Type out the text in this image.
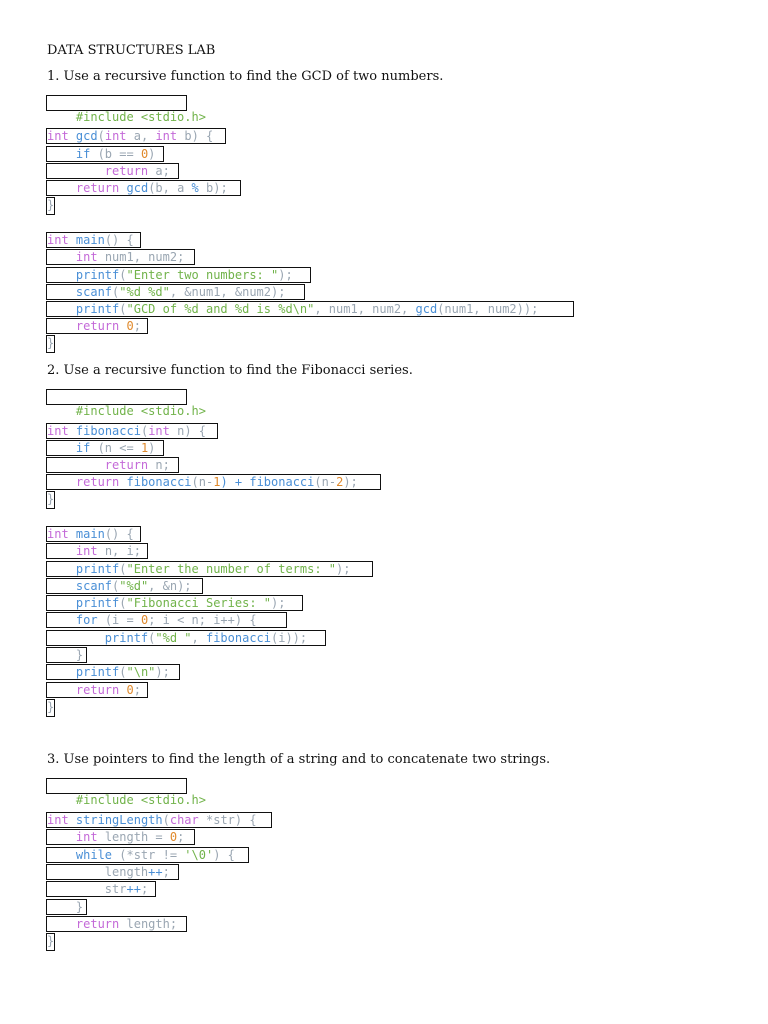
DATA STRUCTURES LAB
1. Use a recursive function to find the GCD of two numbers.

#include <stdio.h>

int gcd(int a, int b) {
if (b == 0)
return a;
return gcd(b, a % b);
}
int main() {
int num1, num2;
printf("Enter two numbers: ");
scanf("%d %d", &num1, &num2);
printf("GCD of %d and %d is %d\n", num1, num2, gcd(num1, num2));
return 0;
}
2. Use a recursive function to find the Fibonacci series.

#include <stdio.h>

int fibonacci(int n) {
if (n <= 1)
return n;
return fibonacci(n-1) + fibonacci(n-2);
}
int main() {
int n, i;
printf("Enter the number of terms: ");
scanf("%d", &n);
printf("Fibonacci Series: ");
for (i = 0; i < n; i++) {
printf("%d ", fibonacci(i));
}
printf("\n");
return 0;
}
3. Use pointers to find the length of a string and to concatenate two strings.

#include <stdio.h>

int stringLength(char *str) {
int length = 0;
while (*str != '\0') {
length++;
str++;
}
return length;
}
